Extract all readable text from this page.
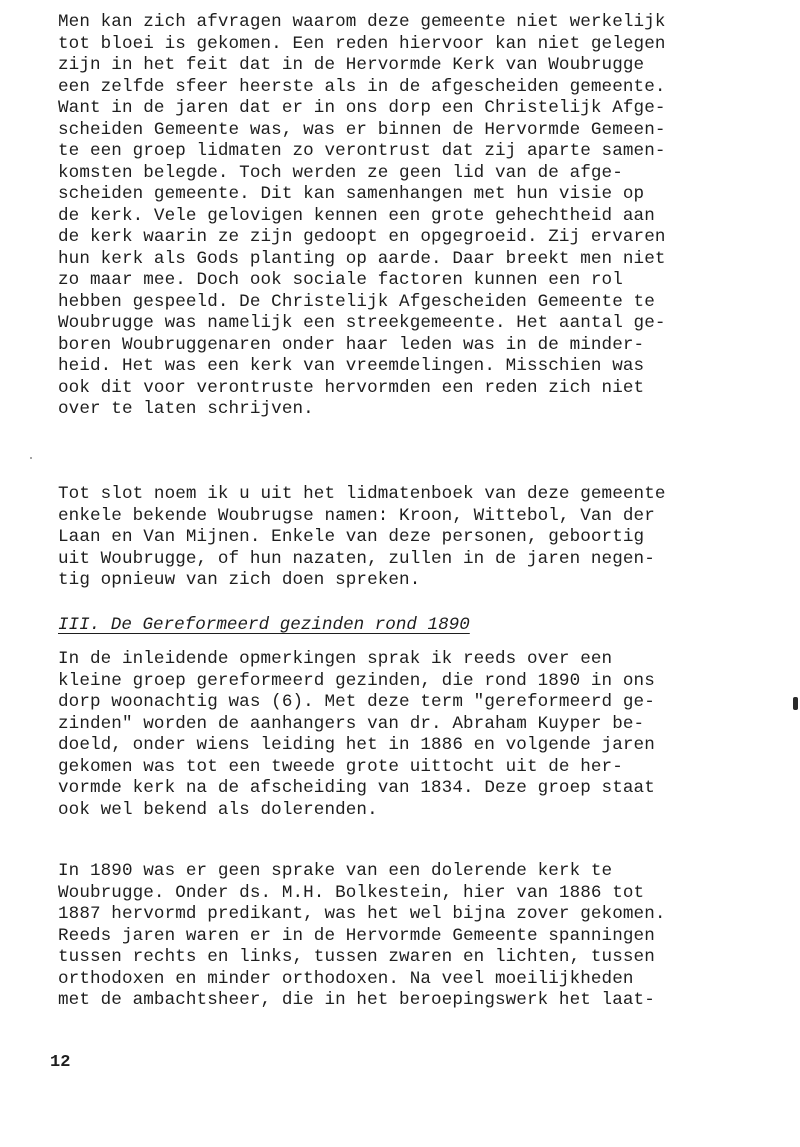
Men kan zich afvragen waarom deze gemeente niet werkelijk
tot bloei is gekomen. Een reden hiervoor kan niet gelegen
zijn in het feit dat in de Hervormde Kerk van Woubrugge
een zelfde sfeer heerste als in de afgescheiden gemeente.
Want in de jaren dat er in ons dorp een Christelijk Afge-
scheiden Gemeente was, was er binnen de Hervormde Gemeen-
te een groep lidmaten zo verontrust dat zij aparte samen-
komsten belegde. Toch werden ze geen lid van de afge-
scheiden gemeente. Dit kan samenhangen met hun visie op
de kerk. Vele gelovigen kennen een grote gehechtheid aan
de kerk waarin ze zijn gedoopt en opgegroeid. Zij ervaren
hun kerk als Gods planting op aarde. Daar breekt men niet
zo maar mee. Doch ook sociale factoren kunnen een rol
hebben gespeeld. De Christelijk Afgescheiden Gemeente te
Woubrugge was namelijk een streekgemeente. Het aantal ge-
boren Woubruggenaren onder haar leden was in de minder-
heid. Het was een kerk van vreemdelingen. Misschien was
ook dit voor verontruste hervormden een reden zich niet
over te laten schrijven.

Tot slot noem ik u uit het lidmatenboek van deze gemeente
enkele bekende Woubrugse namen: Kroon, Wittebol, Van der
Laan en Van Mijnen. Enkele van deze personen, geboortig
uit Woubrugge, of hun nazaten, zullen in de jaren negen-
tig opnieuw van zich doen spreken.

III. De Gereformeerd gezinden rond 1890

In de inleidende opmerkingen sprak ik reeds over een
kleine groep gereformeerd gezinden, die rond 1890 in ons
dorp woonachtig was (6). Met deze term "gereformeerd ge-
zinden" worden de aanhangers van dr. Abraham Kuyper be-
doeld, onder wiens leiding het in 1886 en volgende jaren
gekomen was tot een tweede grote uittocht uit de her-
vormde kerk na de afscheiding van 1834. Deze groep staat
ook wel bekend als dolerenden.

In 1890 was er geen sprake van een dolerende kerk te
Woubrugge. Onder ds. M.H. Bolkestein, hier van 1886 tot
1887 hervormd predikant, was het wel bijna zover gekomen.
Reeds jaren waren er in de Hervormde Gemeente spanningen
tussen rechts en links, tussen zwaren en lichten, tussen
orthodoxen en minder orthodoxen. Na veel moeilijkheden
met de ambachtsheer, die in het beroepingswerk het laat-

12
